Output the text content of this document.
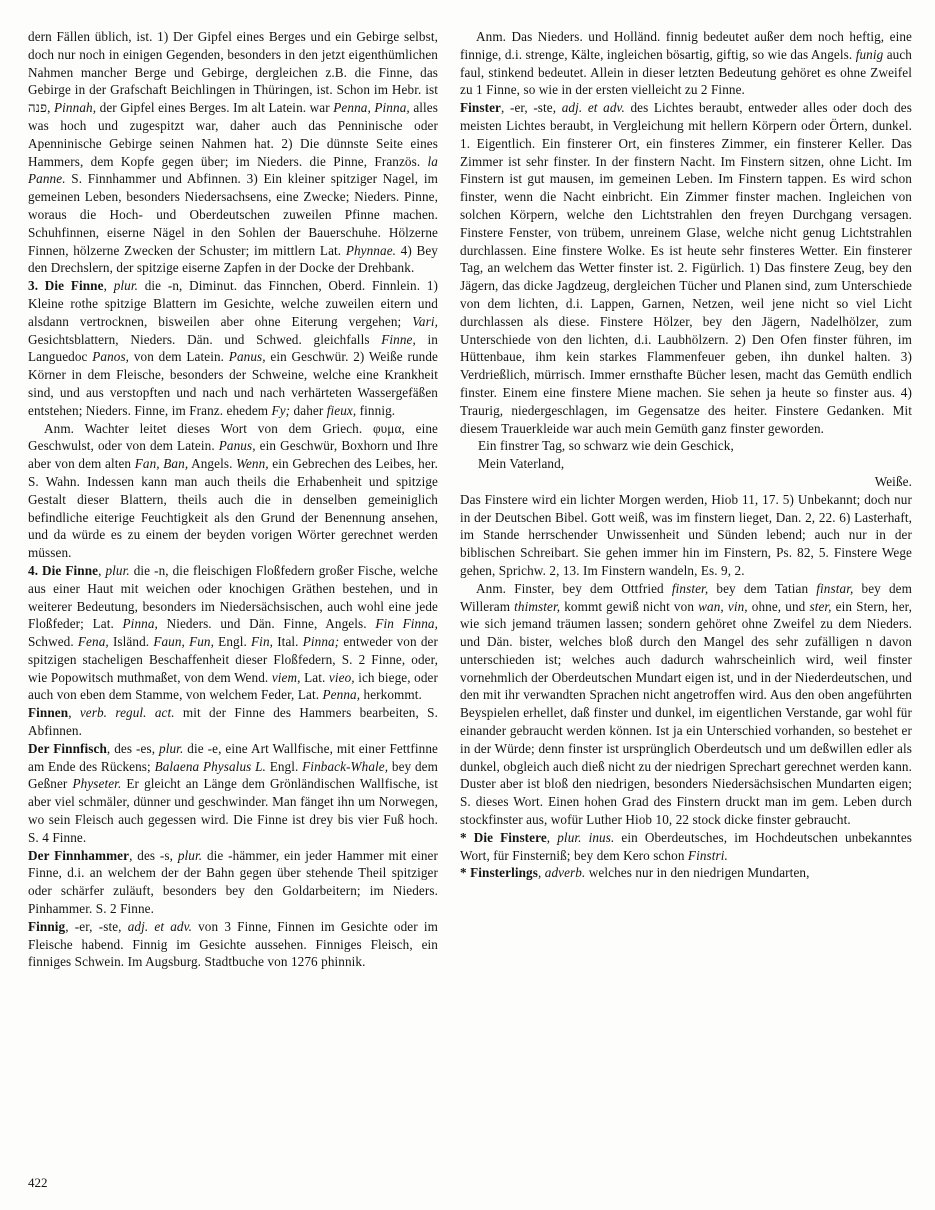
dern Fällen üblich, ist. 1) Der Gipfel eines Berges und ein Gebirge selbst, doch nur noch in einigen Gegenden, besonders in den jetzt eigenthümlichen Nahmen mancher Berge und Gebirge, dergleichen z.B. die Finne, das Gebirge in der Grafschaft Beichlingen in Thüringen, ist. Schon im Hebr. ist פנה, Pinnah, der Gipfel eines Berges. Im alt Latein. war Penna, Pinna, alles was hoch und zugespitzt war, daher auch das Penninische oder Apenninische Gebirge seinen Nahmen hat. 2) Die dünnste Seite eines Hammers, dem Kopfe gegen über; im Nieders. die Pinne, Französ. la Panne. S. Finnhammer und Abfinnen. 3) Ein kleiner spitziger Nagel, im gemeinen Leben, besonders Niedersachsens, eine Zwecke; Nieders. Pinne, woraus die Hoch- und Oberdeutschen zuweilen Pfinne machen. Schuhfinnen, eiserne Nägel in den Sohlen der Bauerschuhe. Hölzerne Finnen, hölzerne Zwecken der Schuster; im mittlern Lat. Phynnae. 4) Bey den Drechslern, der spitzige eiserne Zapfen in der Docke der Drehbank.

3. Die Finne, plur. die -n, Diminut. das Finnchen, Oberd. Finnlein. 1) Kleine rothe spitzige Blattern im Gesichte, welche zuweilen eitern und alsdann vertrocknen, bisweilen aber ohne Eiterung vergehen; Vari, Gesichtsblattern, Nieders. Dän. und Schwed. gleichfalls Finne, in Languedoc Panos, von dem Latein. Panus, ein Geschwür. 2) Weiße runde Körner in dem Fleische, besonders der Schweine, welche eine Krankheit sind, und aus verstopften und nach und nach verhärteten Wassergefäßen entstehen; Nieders. Finne, im Franz. ehedem Fy; daher fieux, finnig.

Anm. Wachter leitet dieses Wort von dem Griech. φυμα, eine Geschwulst, oder von dem Latein. Panus, ein Geschwür, Boxhorn und Ihre aber von dem alten Fan, Ban, Angels. Wenn, ein Gebrechen des Leibes, her. S. Wahn. Indessen kann man auch theils die Erhabenheit und spitzige Gestalt dieser Blattern, theils auch die in denselben gemeiniglich befindliche eiterige Feuchtigkeit als den Grund der Benennung ansehen, und da würde es zu einem der beyden vorigen Wörter gerechnet werden müssen.

4. Die Finne, plur. die -n, die fleischigen Floßfedern großer Fische, welche aus einer Haut mit weichen oder knochigen Gräthen bestehen, und in weiterer Bedeutung, besonders im Niedersächsischen, auch wohl eine jede Floßfeder; Lat. Pinna, Nieders. und Dän. Finne, Angels. Fin Finna, Schwed. Fena, Isländ. Faun, Fun, Engl. Fin, Ital. Pinna; entweder von der spitzigen stacheligen Beschaffenheit dieser Floßfedern, S. 2 Finne, oder, wie Popowitsch muthmaßet, von dem Wend. viem, Lat. vieo, ich biege, oder auch von eben dem Stamme, von welchem Feder, Lat. Penna, herkommt.

Finnen, verb. regul. act. mit der Finne des Hammers bearbeiten, S. Abfinnen.

Der Finnfisch, des -es, plur. die -e, eine Art Wallfische, mit einer Fettfinne am Ende des Rückens; Balaena Physalus L. Engl. Finback-Whale, bey dem Geßner Physeter. Er gleicht an Länge dem Grönländischen Wallfische, ist aber viel schmäler, dünner und geschwinder. Man fänget ihn um Norwegen, wo sein Fleisch auch gegessen wird. Die Finne ist drey bis vier Fuß hoch. S. 4 Finne.

Der Finnhammer, des -s, plur. die -hämmer, ein jeder Hammer mit einer Finne, d.i. an welchem der der Bahn gegen über stehende Theil spitziger oder schärfer zuläuft, besonders bey den Goldarbeitern; im Nieders. Pinhammer. S. 2 Finne.

Finnig, -er, -ste, adj. et adv. von 3 Finne, Finnen im Gesichte oder im Fleische habend. Finnig im Gesichte aussehen. Finniges Fleisch, ein finniges Schwein. Im Augsburg. Stadtbuche von 1276 phinnik.

Anm. Das Nieders. und Holländ. finnig bedeutet außer dem noch heftig, eine finnige, d.i. strenge, Kälte, ingleichen bösartig, giftig, so wie das Angels. funig auch faul, stinkend bedeutet. Allein in dieser letzten Bedeutung gehöret es ohne Zweifel zu 1 Finne, so wie in der ersten vielleicht zu 2 Finne.

Finster, -er, -ste, adj. et adv. des Lichtes beraubt, entweder alles oder doch des meisten Lichtes beraubt, in Vergleichung mit hellern Körpern oder Örtern, dunkel. 1. Eigentlich. Ein finsterer Ort, ein finsteres Zimmer, ein finsterer Keller. Das Zimmer ist sehr finster. In der finstern Nacht. Im Finstern sitzen, ohne Licht. Im Finstern ist gut mausen, im gemeinen Leben. Im Finstern tappen. Es wird schon finster, wenn die Nacht einbricht. Ein Zimmer finster machen. Ingleichen von solchen Körpern, welche den Lichtstrahlen den freyen Durchgang versagen. Finstere Fenster, von trübem, unreinem Glase, welche nicht genug Lichtstrahlen durchlassen. Eine finstere Wolke. Es ist heute sehr finsteres Wetter. Ein finsterer Tag, an welchem das Wetter finster ist. 2. Figürlich. 1) Das finstere Zeug, bey den Jägern, das dicke Jagdzeug, dergleichen Tücher und Planen sind, zum Unterschiede von dem lichten, d.i. Lappen, Garnen, Netzen, weil jene nicht so viel Licht durchlassen als diese. Finstere Hölzer, bey den Jägern, Nadelhölzer, zum Unterschiede von den lichten, d.i. Laubhölzern. 2) Den Ofen finster führen, im Hüttenbaue, ihm kein starkes Flammenfeuer geben, ihn dunkel halten. 3) Verdrießlich, mürrisch. Immer ernsthafte Bücher lesen, macht das Gemüth endlich finster. Einem eine finstere Miene machen. Sie sehen ja heute so finster aus. 4) Traurig, niedergeschlagen, im Gegensatze des heiter. Finstere Gedanken. Mit diesem Trauerkleide war auch mein Gemüth ganz finster geworden.

Ein finstrer Tag, so schwarz wie dein Geschick,

Mein Vaterland,

Weiße.

Das Finstere wird ein lichter Morgen werden, Hiob 11, 17. 5) Unbekannt; doch nur in der Deutschen Bibel. Gott weiß, was im finstern lieget, Dan. 2, 22. 6) Lasterhaft, im Stande herrschender Unwissenheit und Sünden lebend; auch nur in der biblischen Schreibart. Sie gehen immer hin im Finstern, Ps. 82, 5. Finstere Wege gehen, Sprichw. 2, 13. Im Finstern wandeln, Es. 9, 2.

Anm. Finster, bey dem Ottfried finster, bey dem Tatian finstar, bey dem Willeram thimster, kommt gewiß nicht von wan, vin, ohne, und ster, ein Stern, her, wie sich jemand träumen lassen; sondern gehöret ohne Zweifel zu dem Nieders. und Dän. bister, welches bloß durch den Mangel des sehr zufälligen n davon unterschieden ist; welches auch dadurch wahrscheinlich wird, weil finster vornehmlich der Oberdeutschen Mundart eigen ist, und in der Niederdeutschen, und den mit ihr verwandten Sprachen nicht angetroffen wird. Aus den oben angeführten Beyspielen erhellet, daß finster und dunkel, im eigentlichen Verstande, gar wohl für einander gebraucht werden können. Ist ja ein Unterschied vorhanden, so bestehet er in der Würde; denn finster ist ursprünglich Oberdeutsch und um deßwillen edler als dunkel, obgleich auch dieß nicht zu der niedrigen Sprechart gerechnet werden kann. Duster aber ist bloß den niedrigen, besonders Niedersächsischen Mundarten eigen; S. dieses Wort. Einen hohen Grad des Finstern druckt man im gem. Leben durch stockfinster aus, wofür Luther Hiob 10, 22 stock dicke finster gebraucht.

* Die Finstere, plur. inus. ein Oberdeutsches, im Hochdeutschen unbekanntes Wort, für Finsterniß; bey dem Kero schon Finstri.

* Finsterlings, adverb. welches nur in den niedrigen Mundarten,

422
